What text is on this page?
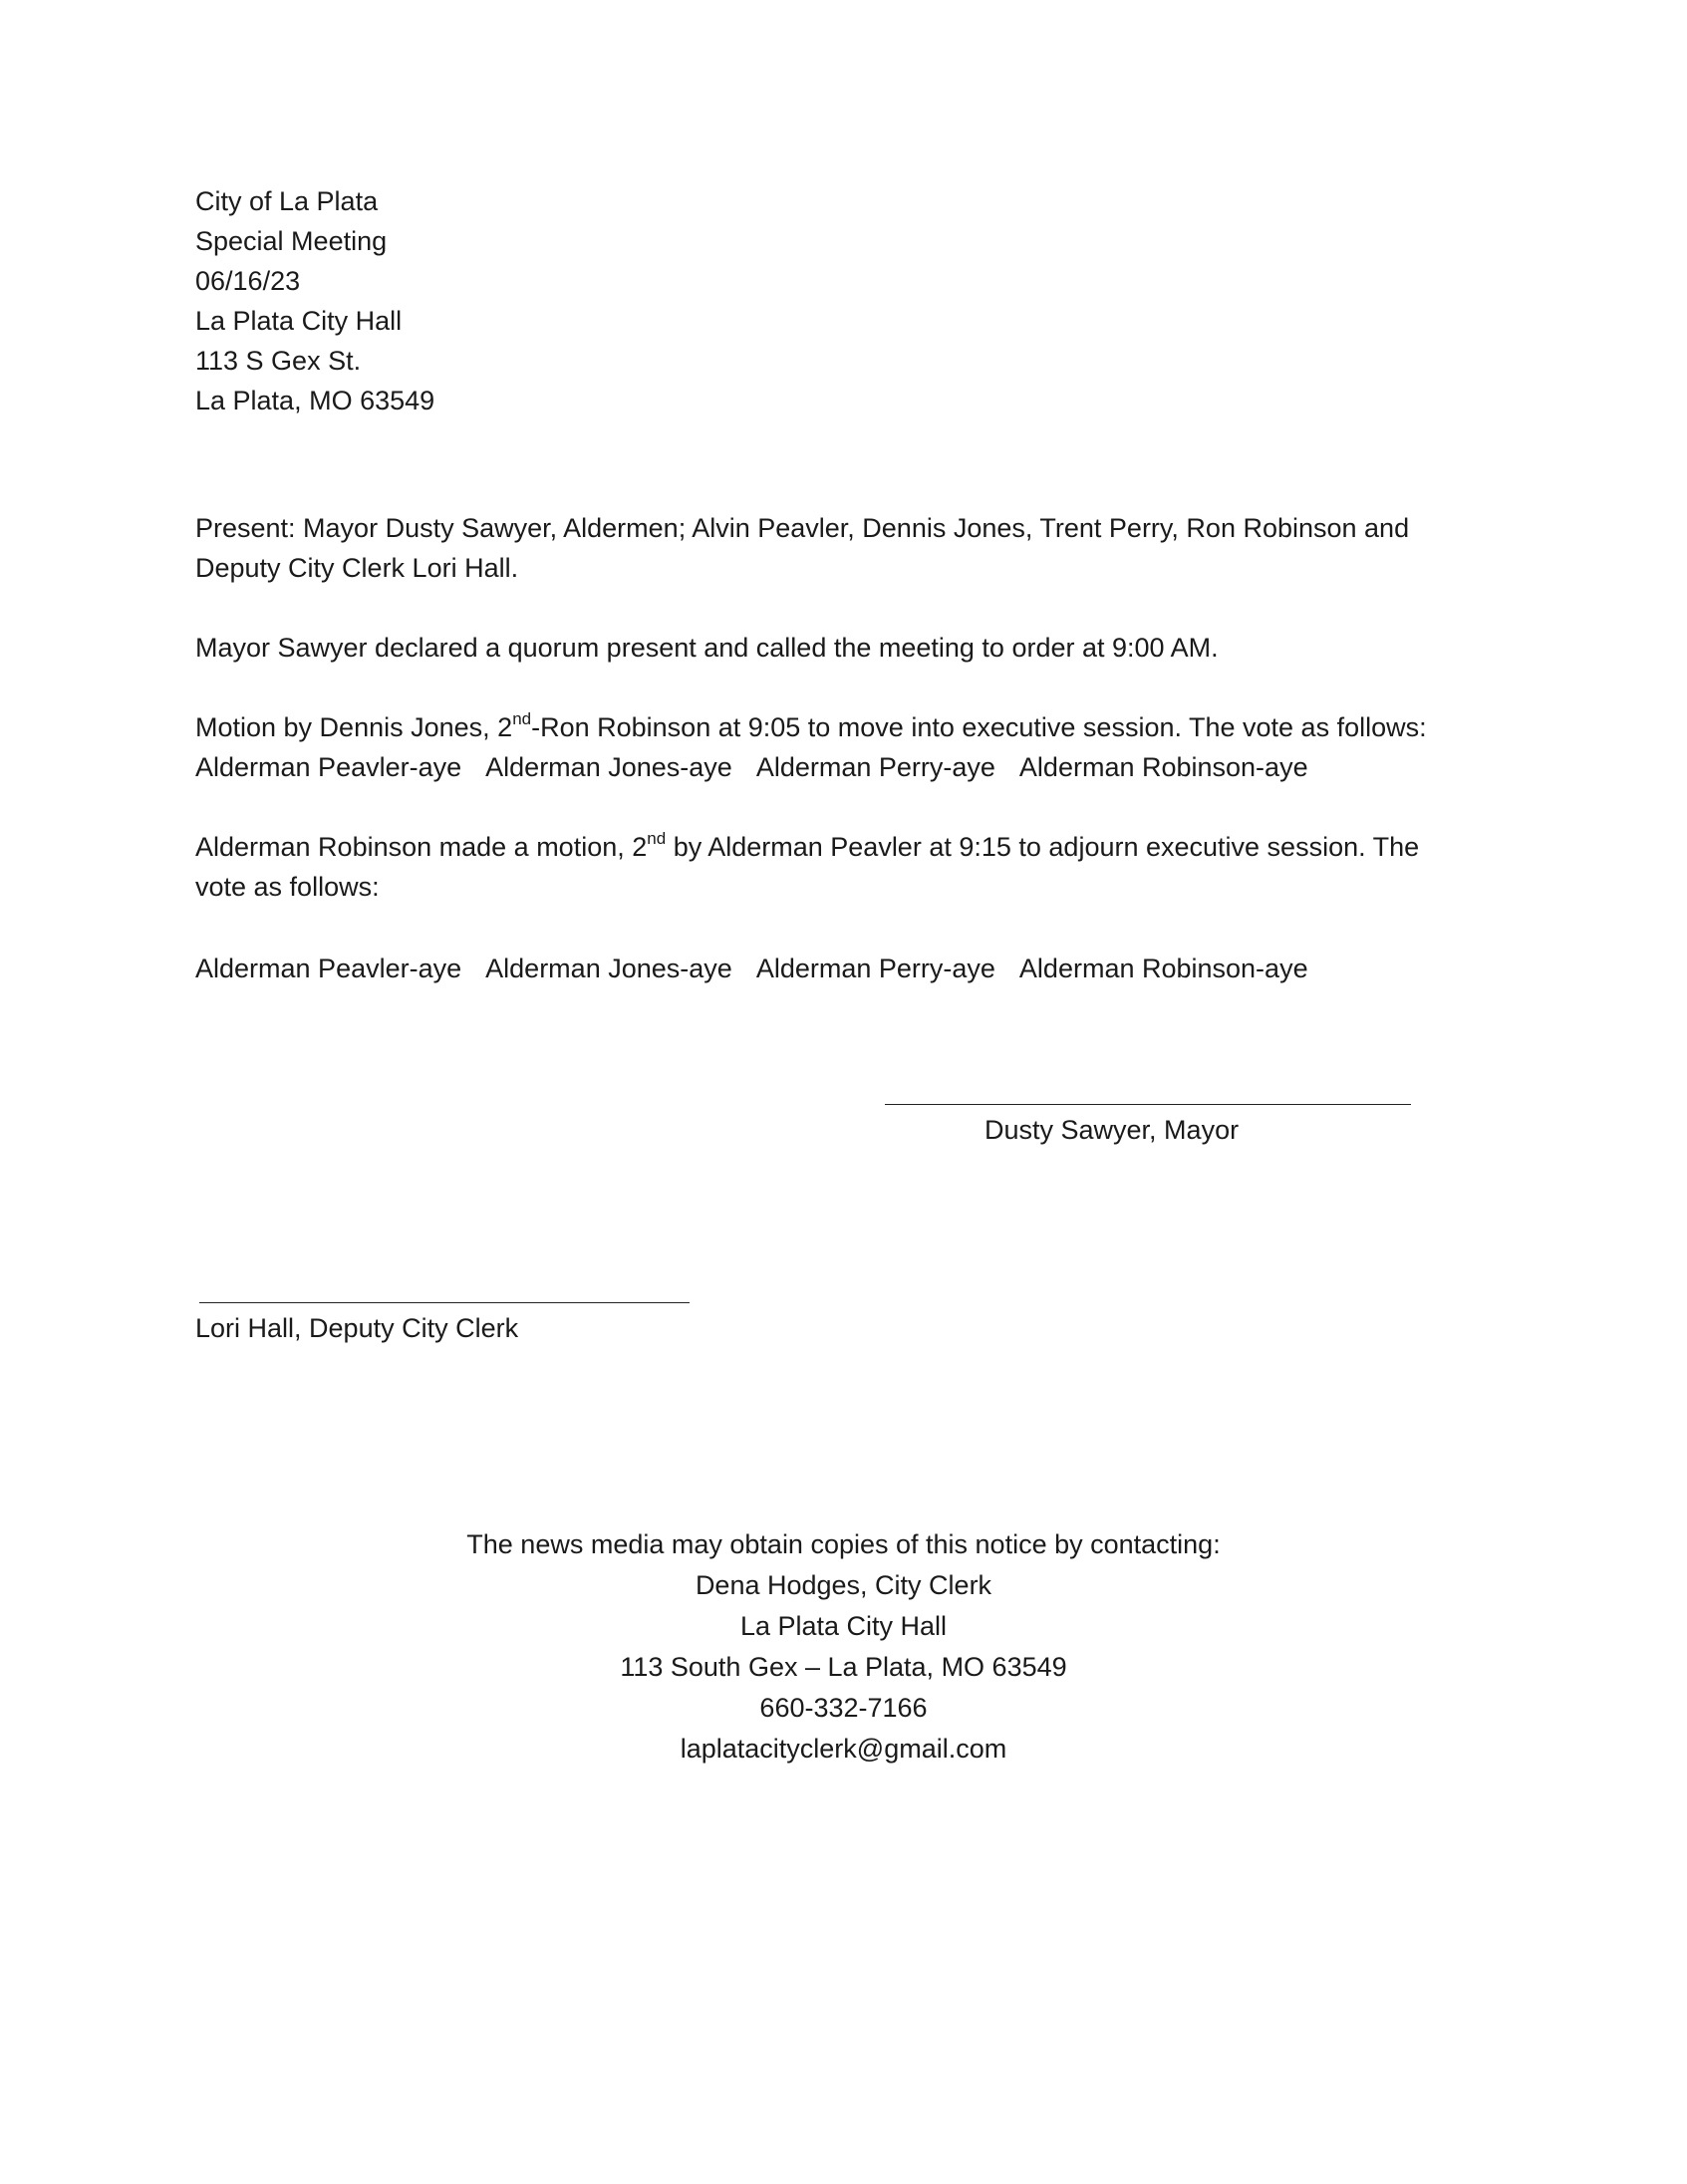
City of La Plata
Special Meeting
06/16/23
La Plata City Hall
113 S Gex St.
La Plata, MO 63549
Present: Mayor Dusty Sawyer, Aldermen; Alvin Peavler, Dennis Jones, Trent Perry, Ron Robinson and
Deputy City Clerk Lori Hall.
Mayor Sawyer declared a quorum present and called the meeting to order at 9:00 AM.
Motion by Dennis Jones, 2nd-Ron Robinson at 9:05 to move into executive session. The vote as follows:
Alderman Peavler-aye Alderman Jones-aye Alderman Perry-aye Alderman Robinson-aye
Alderman Robinson made a motion, 2nd by Alderman Peavler at 9:15 to adjourn executive session. The
vote as follows:
Alderman Peavler-aye Alderman Jones-aye Alderman Perry-aye Alderman Robinson-aye
Dusty Sawyer, Mayor
Lori Hall, Deputy City Clerk
The news media may obtain copies of this notice by contacting:
Dena Hodges, City Clerk
La Plata City Hall
113 South Gex – La Plata, MO 63549
660-332-7166
laplatacityclerk@gmail.com
